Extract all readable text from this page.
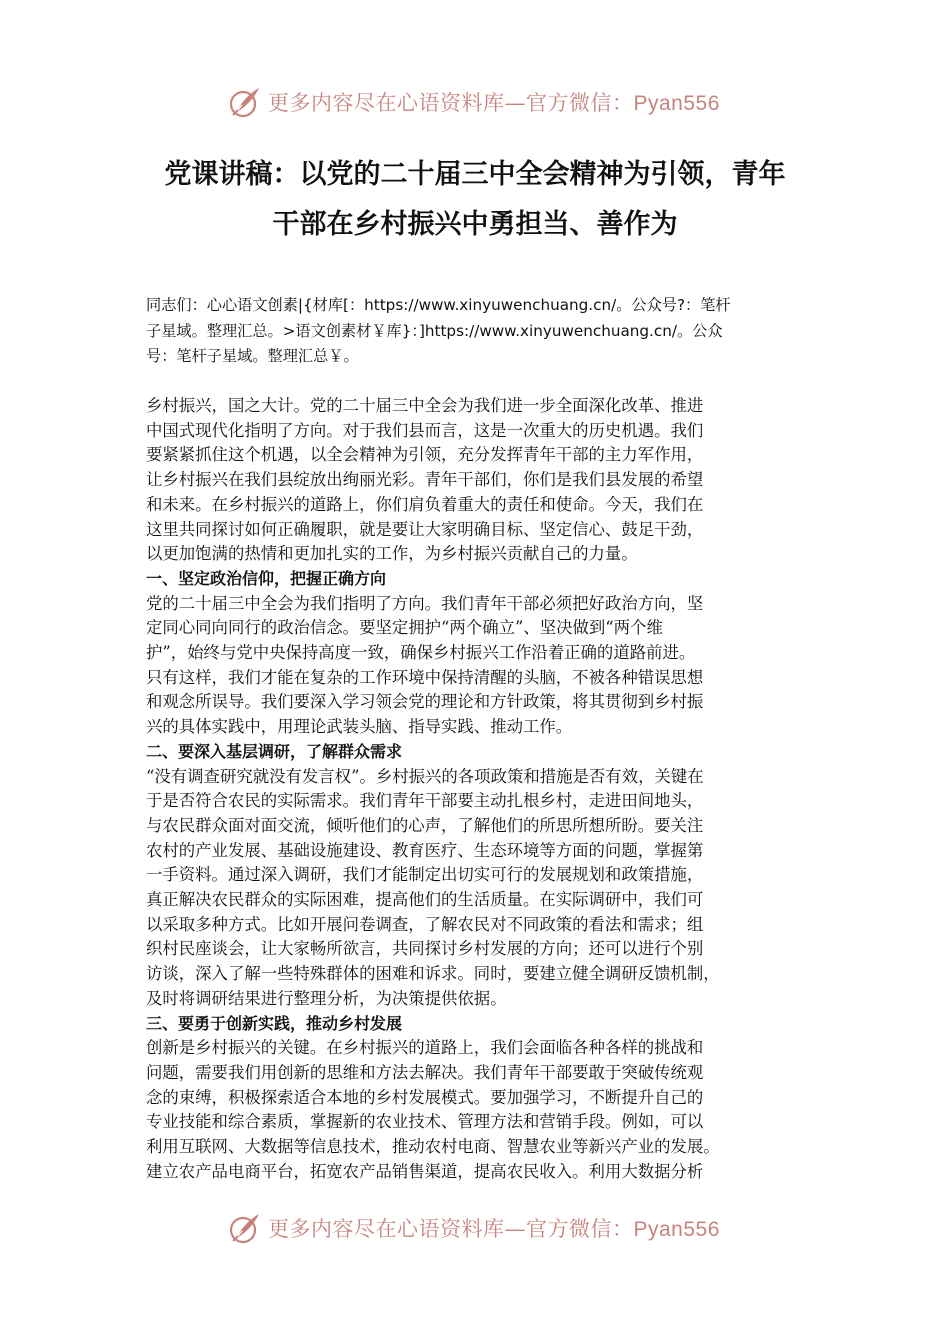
更多内容尽在心语资料库—官方微信：Pyan556
党课讲稿：以党的二十届三中全会精神为引领，青年
干部在乡村振兴中勇担当、善作为
同志们：心心语文创素|{材库[：https://www.xinyuwenchuang.cn/。公众号?：笔杆
子星域。整理汇总。>语文创素材￥库}：]https://www.xinyuwenchuang.cn/。公众
号：笔杆子星域。整理汇总￥。
乡村振兴，国之大计。党的二十届三中全会为我们进一步全面深化改革、推进
中国式现代化指明了方向。对于我们县而言，这是一次重大的历史机遇。我们
要紧紧抓住这个机遇，以全会精神为引领，充分发挥青年干部的主力军作用，
让乡村振兴在我们县绽放出绚丽光彩。青年干部们，你们是我们县发展的希望
和未来。在乡村振兴的道路上，你们肩负着重大的责任和使命。今天，我们在
这里共同探讨如何正确履职，就是要让大家明确目标、坚定信心、鼓足干劲，
以更加饱满的热情和更加扎实的工作，为乡村振兴贡献自己的力量。
一、坚定政治信仰，把握正确方向
党的二十届三中全会为我们指明了方向。我们青年干部必须把好政治方向，坚
定同心同向同行的政治信念。要坚定拥护“两个确立”、坚决做到“两个维
护”，始终与党中央保持高度一致，确保乡村振兴工作沿着正确的道路前进。
只有这样，我们才能在复杂的工作环境中保持清醒的头脑，不被各种错误思想
和观念所误导。我们要深入学习领会党的理论和方针政策，将其贯彻到乡村振
兴的具体实践中，用理论武装头脑、指导实践、推动工作。
二、要深入基层调研，了解群众需求
“没有调查研究就没有发言权”。乡村振兴的各项政策和措施是否有效，关键在
于是否符合农民的实际需求。我们青年干部要主动扎根乡村，走进田间地头，
与农民群众面对面交流，倾听他们的心声，了解他们的所思所想所盼。要关注
农村的产业发展、基础设施建设、教育医疗、生态环境等方面的问题，掌握第
一手资料。通过深入调研，我们才能制定出切实可行的发展规划和政策措施，
真正解决农民群众的实际困难，提高他们的生活质量。在实际调研中，我们可
以采取多种方式。比如开展问卷调查，了解农民对不同政策的看法和需求；组
织村民座谈会，让大家畅所欲言，共同探讨乡村发展的方向；还可以进行个别
访谈，深入了解一些特殊群体的困难和诉求。同时，要建立健全调研反馈机制，
及时将调研结果进行整理分析，为决策提供依据。
三、要勇于创新实践，推动乡村发展
创新是乡村振兴的关键。在乡村振兴的道路上，我们会面临各种各样的挑战和
问题，需要我们用创新的思维和方法去解决。我们青年干部要敢于突破传统观
念的束缚，积极探索适合本地的乡村发展模式。要加强学习，不断提升自己的
专业技能和综合素质，掌握新的农业技术、管理方法和营销手段。例如，可以
利用互联网、大数据等信息技术，推动农村电商、智慧农业等新兴产业的发展。
建立农产品电商平台，拓宽农产品销售渠道，提高农民收入。利用大数据分析
更多内容尽在心语资料库—官方微信：Pyan556
